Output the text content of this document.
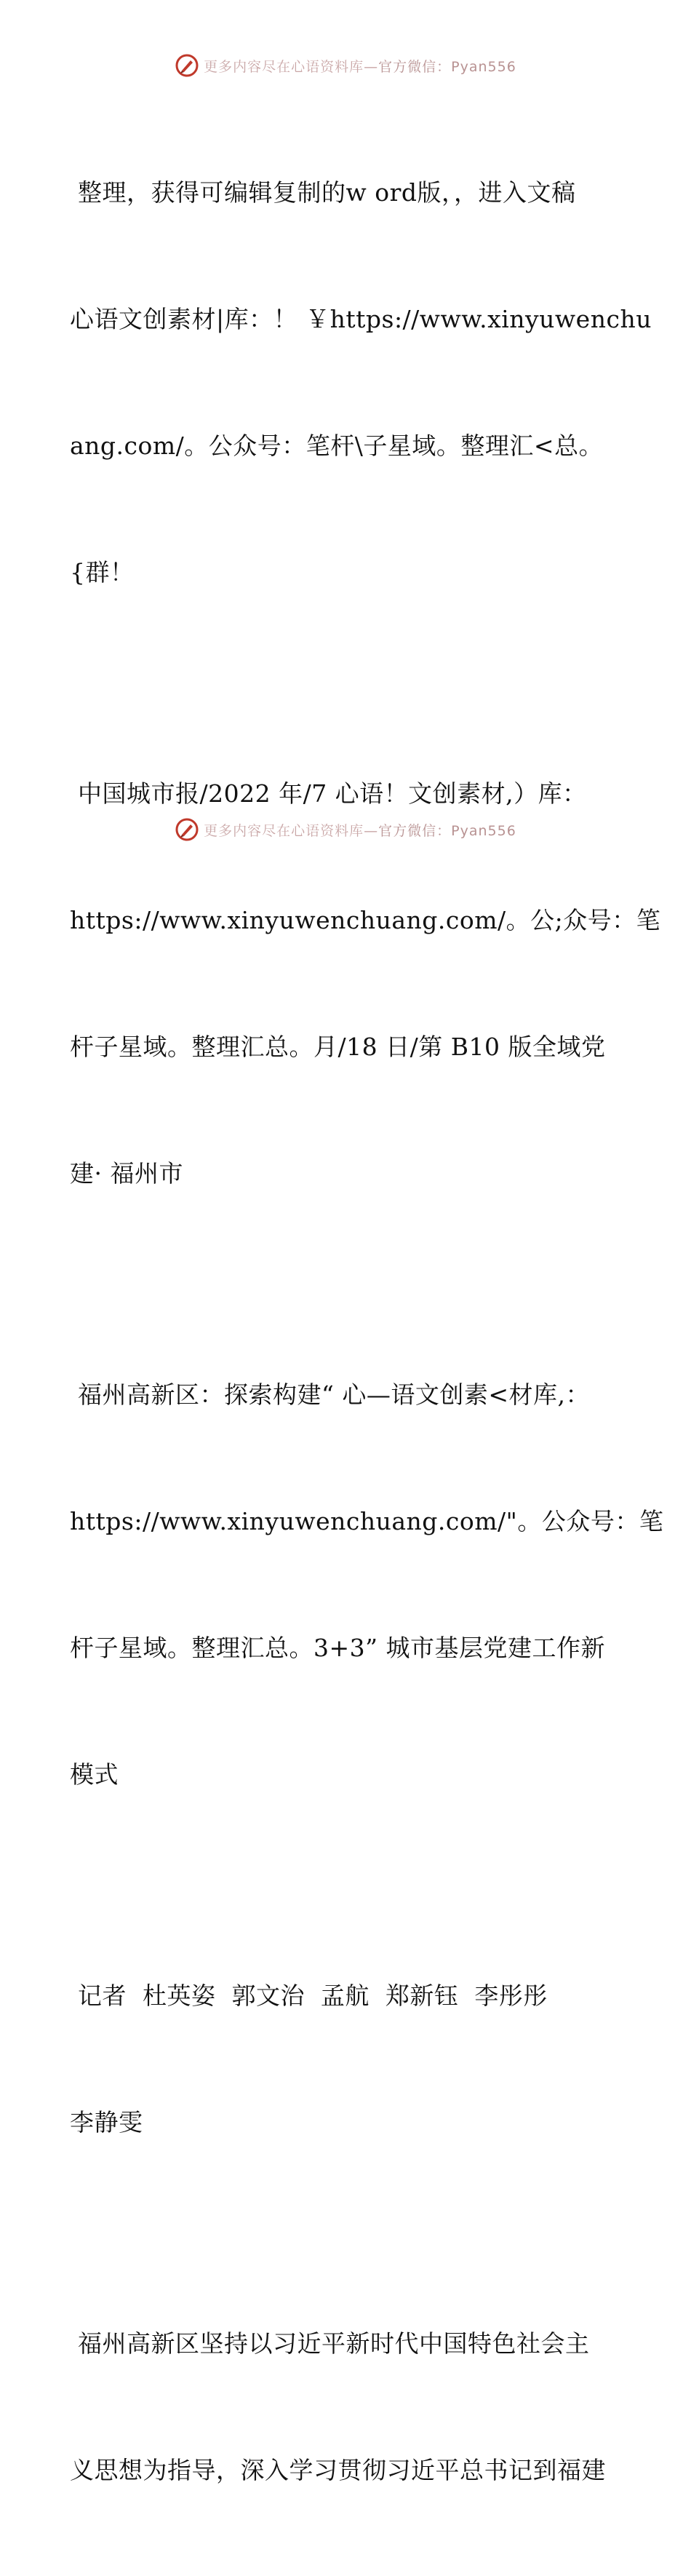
更多内容尽在心语资料库—官方微信：Pyan556

整理，获得可编辑复制的w ord版，，进入文稿

心语文创素材|库：！ ￥https://www.xinyuwenchu

ang.com/。公众号：笔杆\子星域。整理汇<总。

{群！

中国城市报/2022 年/7 心语！文创素材,）库：

https://www.xinyuwenchuang.com/。公;众号：笔

杆子星域。整理汇总。月/18 日/第 B10 版全域党

建· 福州市

福州高新区：探索构建“ 心—语文创素<材库,：

https://www.xinyuwenchuang.com/"。公众号：笔

杆子星域。整理汇总。3+3” 城市基层党建工作新

模式

记者  杜英姿  郭文治  孟航  郑新钰  李彤彤

李静雯

福州高新区坚持以习近平新时代中国特色社会主

义思想为指导，深入学习贯彻习近平总书记到福建

更多内容尽在心语资料库—官方微信：Pyan556
